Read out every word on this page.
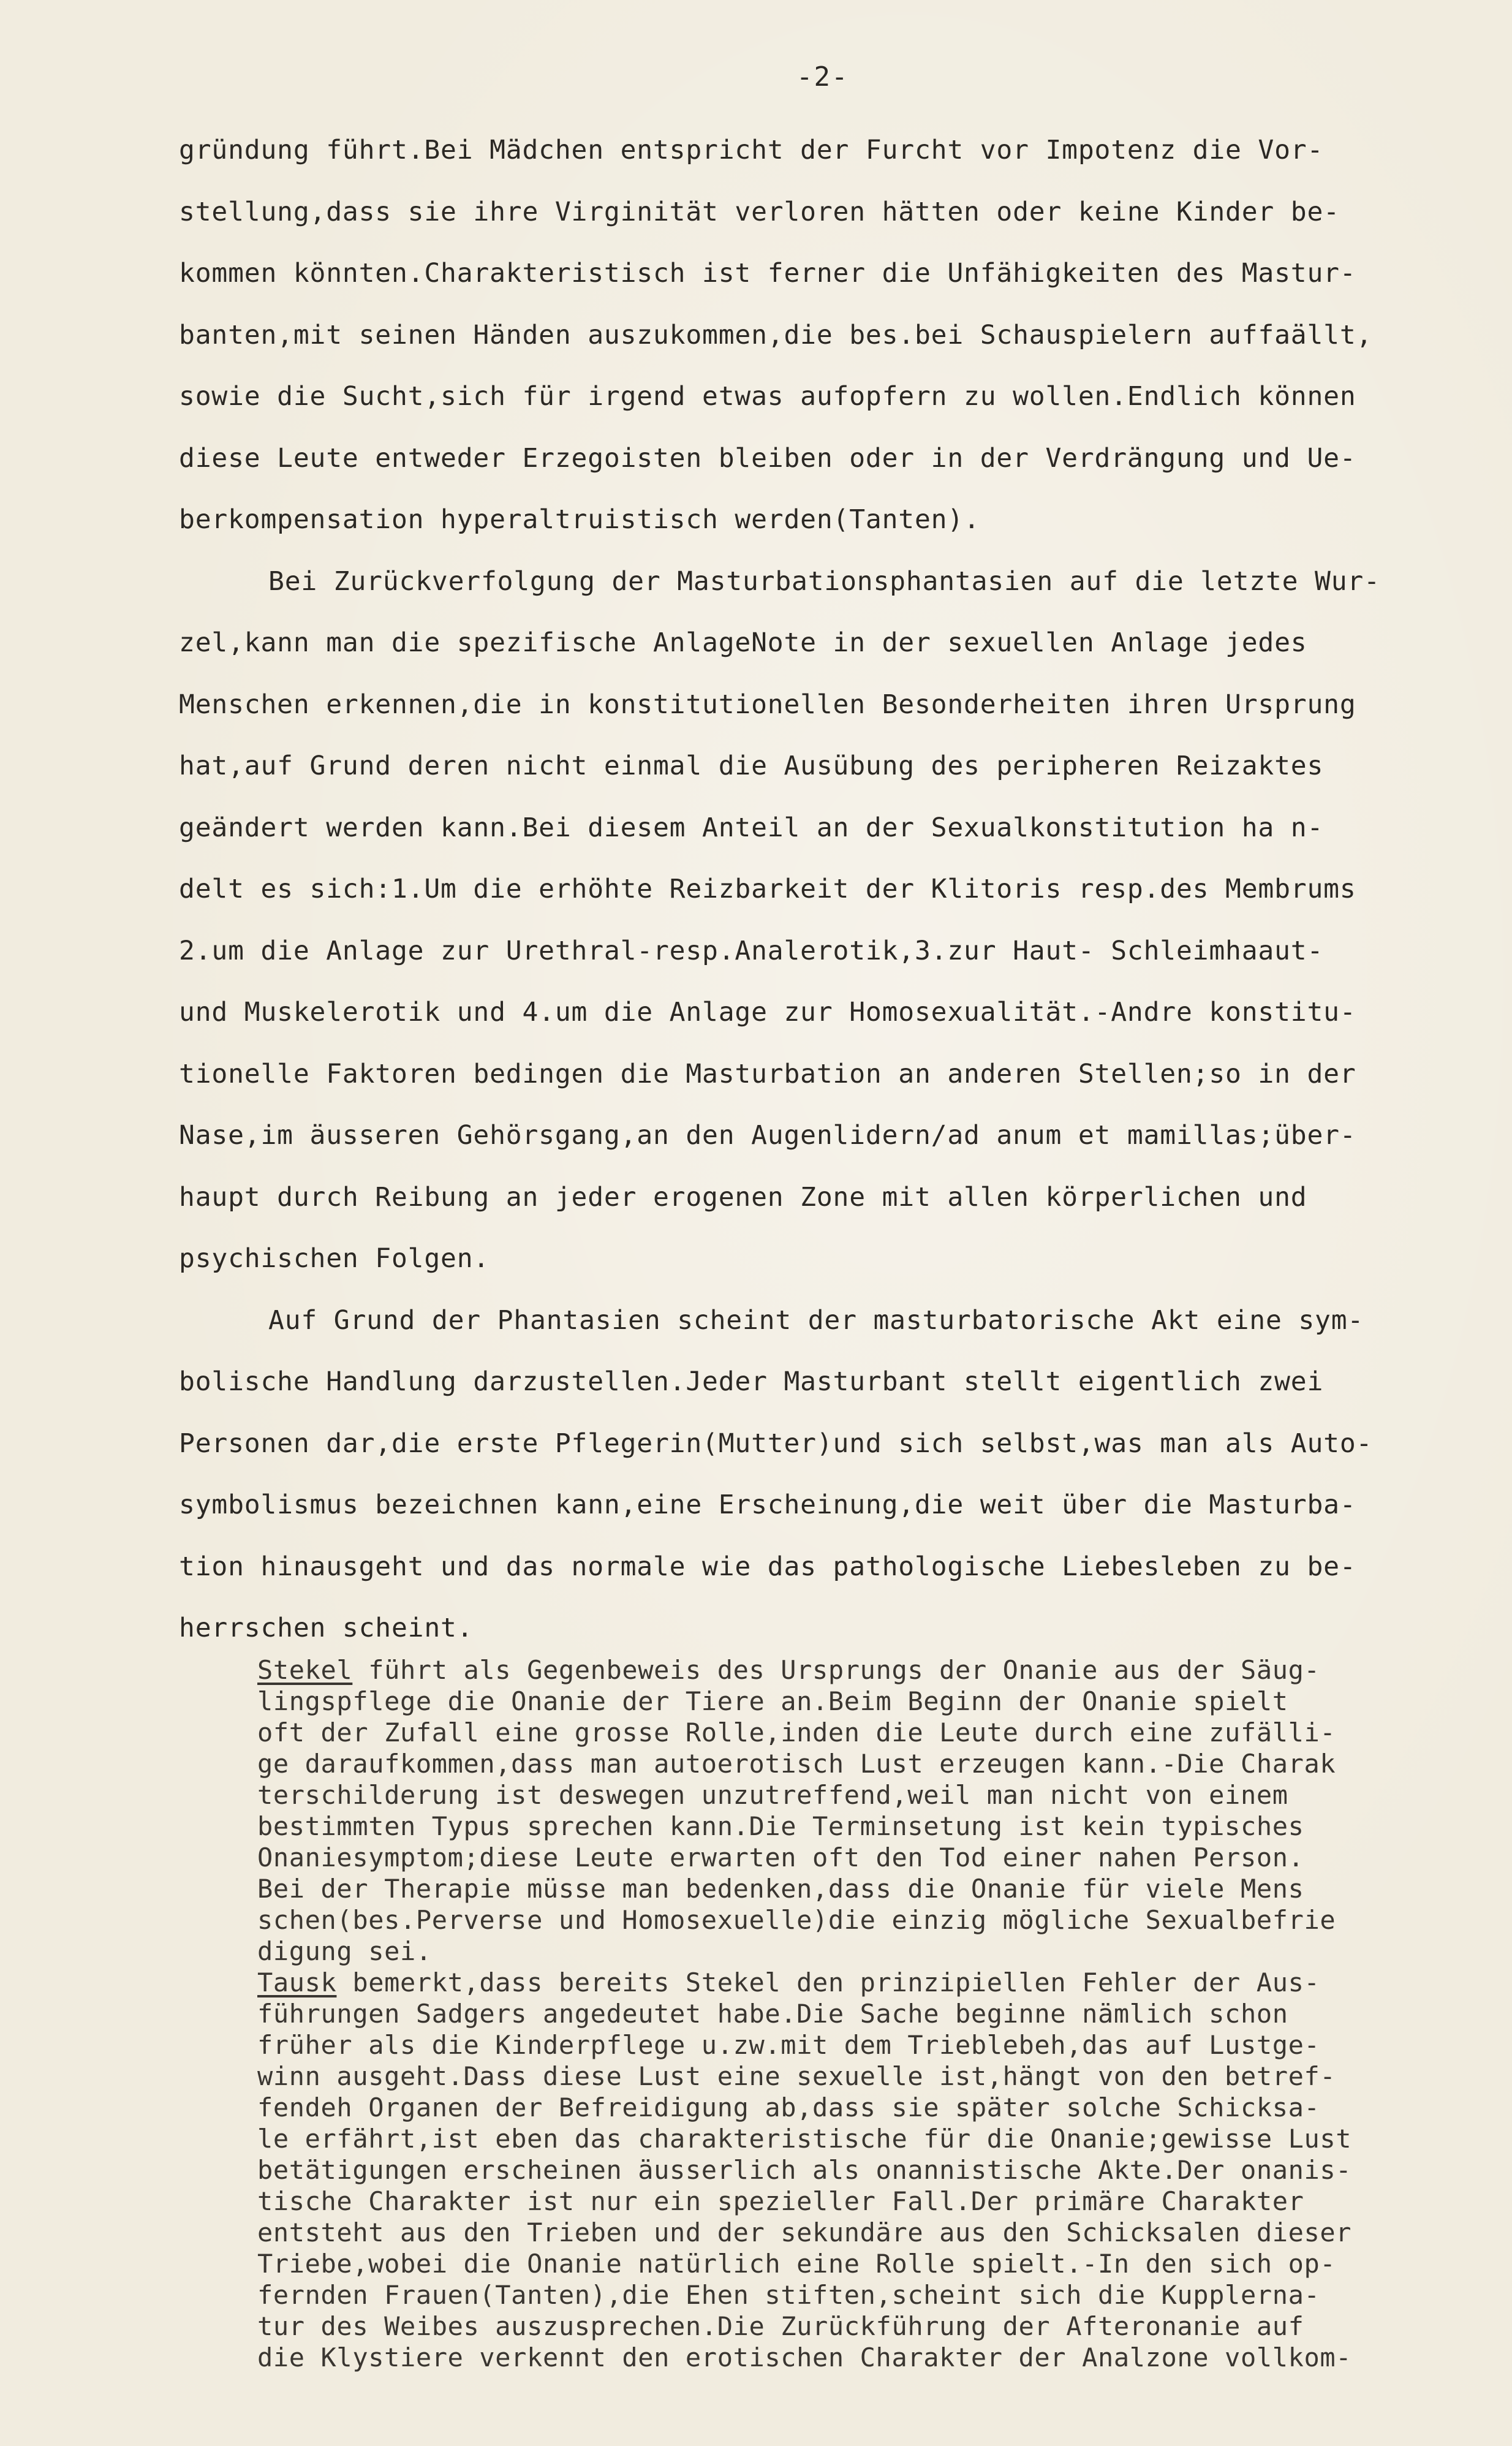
-2-

gründung führt.Bei Mädchen entspricht der Furcht vor Impotenz die Vor-
stellung,dass sie ihre Virginität verloren hätten oder keine Kinder be-
kommen könnten.Charakteristisch ist ferner die Unfähigkeiten des Mastur-
banten,mit seinen Händen auszukommen,die bes.bei Schauspielern auffaällt,
sowie die Sucht,sich für irgend etwas aufopfern zu wollen.Endlich können
diese Leute entweder Erzegoisten bleiben oder in der Verdrängung und Ue-
berkompensation hyperaltruistisch werden(Tanten).

Bei Zurückverfolgung der Masturbationsphantasien auf die letzte Wur-
zel,kann man die spezifische AnlageNote in der sexuellen Anlage jedes
Menschen erkennen,die in konstitutionellen Besonderheiten ihren Ursprung
hat,auf Grund deren nicht einmal die Ausübung des peripheren Reizaktes
geändert werden kann.Bei diesem Anteil an der Sexualkonstitution ha n-
delt es sich:1.Um die erhöhte Reizbarkeit der Klitoris resp.des Membrums
2.um die Anlage zur Urethral-resp.Analerotik,3.zur Haut- Schleimhaaut-
und Muskelerotik und 4.um die Anlage zur Homosexualität.-Andre konstitu-
tionelle Faktoren bedingen die Masturbation an anderen Stellen;so in der
Nase,im äusseren Gehörsgang,an den Augenlidern/ad anum et mamillas;über-
haupt durch Reibung an jeder erogenen Zone mit allen körperlichen und
psychischen Folgen.

Auf Grund der Phantasien scheint der masturbatorische Akt eine sym-
bolische Handlung darzustellen.Jeder Masturbant stellt eigentlich zwei
Personen dar,die erste Pflegerin(Mutter)und sich selbst,was man als Auto-
symbolismus bezeichnen kann,eine Erscheinung,die weit über die Masturba-
tion hinausgeht und das normale wie das pathologische Liebesleben zu be-
herrschen scheint.

Stekel führt als Gegenbeweis des Ursprungs der Onanie aus der Säug-
lingspflege die Onanie der Tiere an.Beim Beginn der Onanie spielt
oft der Zufall eine grosse Rolle,inden die Leute durch eine zufälli-
ge daraufkommen,dass man autoerotisch Lust erzeugen kann.-Die Charak
terschilderung ist deswegen unzutreffend,weil man nicht von einem
bestimmten Typus sprechen kann.Die Terminsetung ist kein typisches
Onaniesymptom;diese Leute erwarten oft den Tod einer nahen Person.
Bei der Therapie müsse man bedenken,dass die Onanie für viele Mens
schen(bes.Perverse und Homosexuelle)die einzig mögliche Sexualbefrie
digung sei.
Tausk bemerkt,dass bereits Stekel den prinzipiellen Fehler der Aus-
führungen Sadgers angedeutet habe.Die Sache beginne nämlich schon
früher als die Kinderpflege u.zw.mit dem Trieblebeh,das auf Lustge-
winn ausgeht.Dass diese Lust eine sexuelle ist,hängt von den betref-
fendeh Organen der Befreidigung ab,dass sie später solche Schicksa-
le erfährt,ist eben das charakteristische für die Onanie;gewisse Lust
betätigungen erscheinen äusserlich als onannistische Akte.Der onanis-
tische Charakter ist nur ein spezieller Fall.Der primäre Charakter
entsteht aus den Trieben und der sekundäre aus den Schicksalen dieser
Triebe,wobei die Onanie natürlich eine Rolle spielt.-In den sich op-
fernden Frauen(Tanten),die Ehen stiften,scheint sich die Kupplerna-
tur des Weibes auszusprechen.Die Zurückführung der Afteronanie auf
die Klystiere verkennt den erotischen Charakter der Analzone vollkom-
